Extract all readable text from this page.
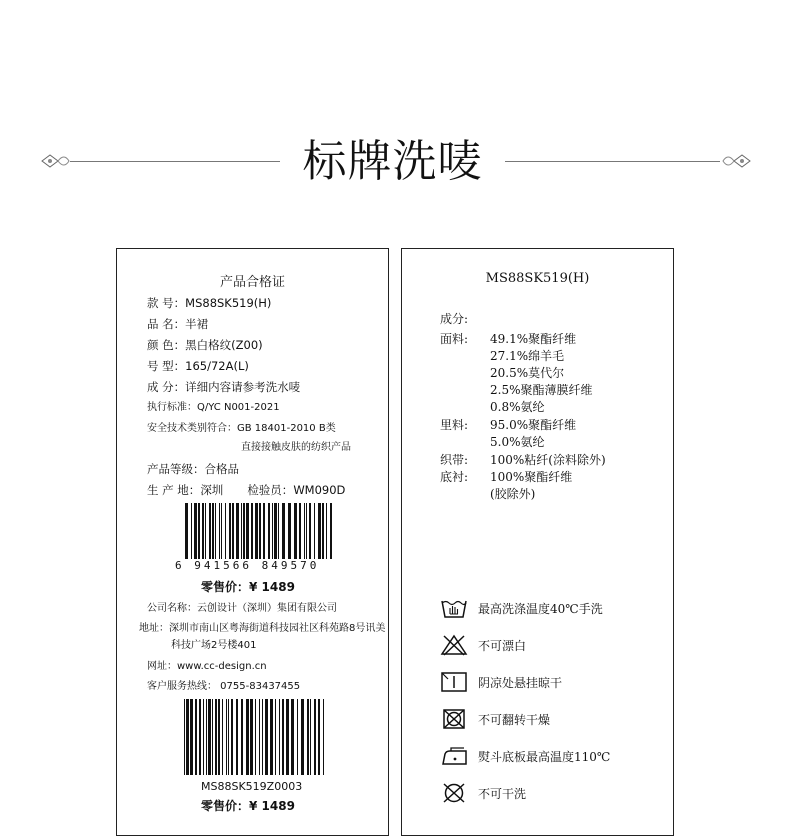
标牌洗唛
产品合格证
款 号：MS88SK519(H)
品 名：半裙
颜 色：黑白格纹(Z00)
号 型：165/72A(L)
成 分：详细内容请参考洗水唛
执行标准：Q/YC N001-2021
安全技术类别符合：GB 18401-2010 B类
直接接触皮肤的纺织产品
产品等级：合格品
生 产 地：深圳 检验员：WM090D
6 941566 849570
零售价：¥ 1489
公司名称：云创设计（深圳）集团有限公司
地址：深圳市南山区粤海街道科技园社区科苑路8号讯美
科技广场2号楼401
网址：www.cc-design.cn
客户服务热线： 0755-83437455
MS88SK519Z0003
零售价：¥ 1489
MS88SK519(H)
成分:
面料: 49.1%聚酯纤维
27.1%绵羊毛
20.5%莫代尔
2.5%聚酯薄膜纤维
0.8%氨纶
里料: 95.0%聚酯纤维
5.0%氨纶
织带: 100%粘纤(涂料除外)
底衬: 100%聚酯纤维
(胶除外)
最高洗涤温度40℃手洗
不可漂白
阴凉处悬挂晾干
不可翻转干燥
熨斗底板最高温度110℃
不可干洗
